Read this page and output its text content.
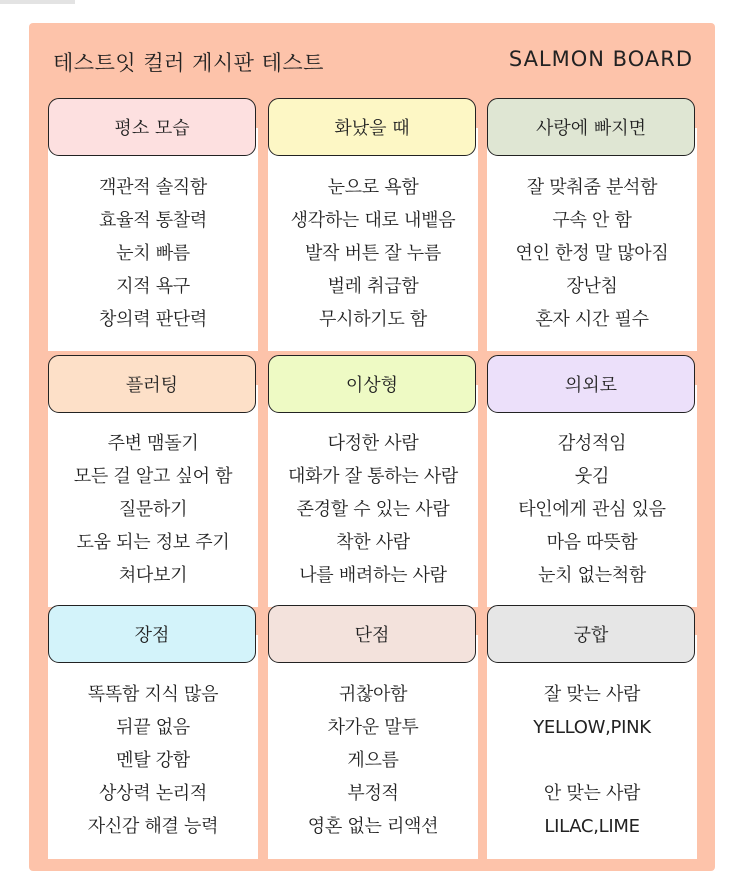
테스트잇 컬러 게시판 테스트	SALMON BOARD
평소 모습
객관적 솔직함
효율적 통찰력
눈치 빠름
지적 욕구
창의력 판단력
화났을 때
눈으로 욕함
생각하는 대로 내뱉음
발작 버튼 잘 누름
벌레 취급함
무시하기도 함
사랑에 빠지면
잘 맞춰줌 분석함
구속 안 함
연인 한정 말 많아짐
장난침
혼자 시간 필수
플러팅
주변 맴돌기
모든 걸 알고 싶어 함
질문하기
도움 되는 정보 주기
쳐다보기
이상형
다정한 사람
대화가 잘 통하는 사람
존경할 수 있는 사람
착한 사람
나를 배려하는 사람
의외로
감성적임
웃김
타인에게 관심 있음
마음 따뜻함
눈치 없는척함
장점
똑똑함 지식 많음
뒤끝 없음
멘탈 강함
상상력 논리적
자신감 해결 능력
단점
귀찮아함
차가운 말투
게으름
부정적
영혼 없는 리액션
궁합
잘 맞는 사람
YELLOW,PINK
안 맞는 사람
LILAC,LIME
